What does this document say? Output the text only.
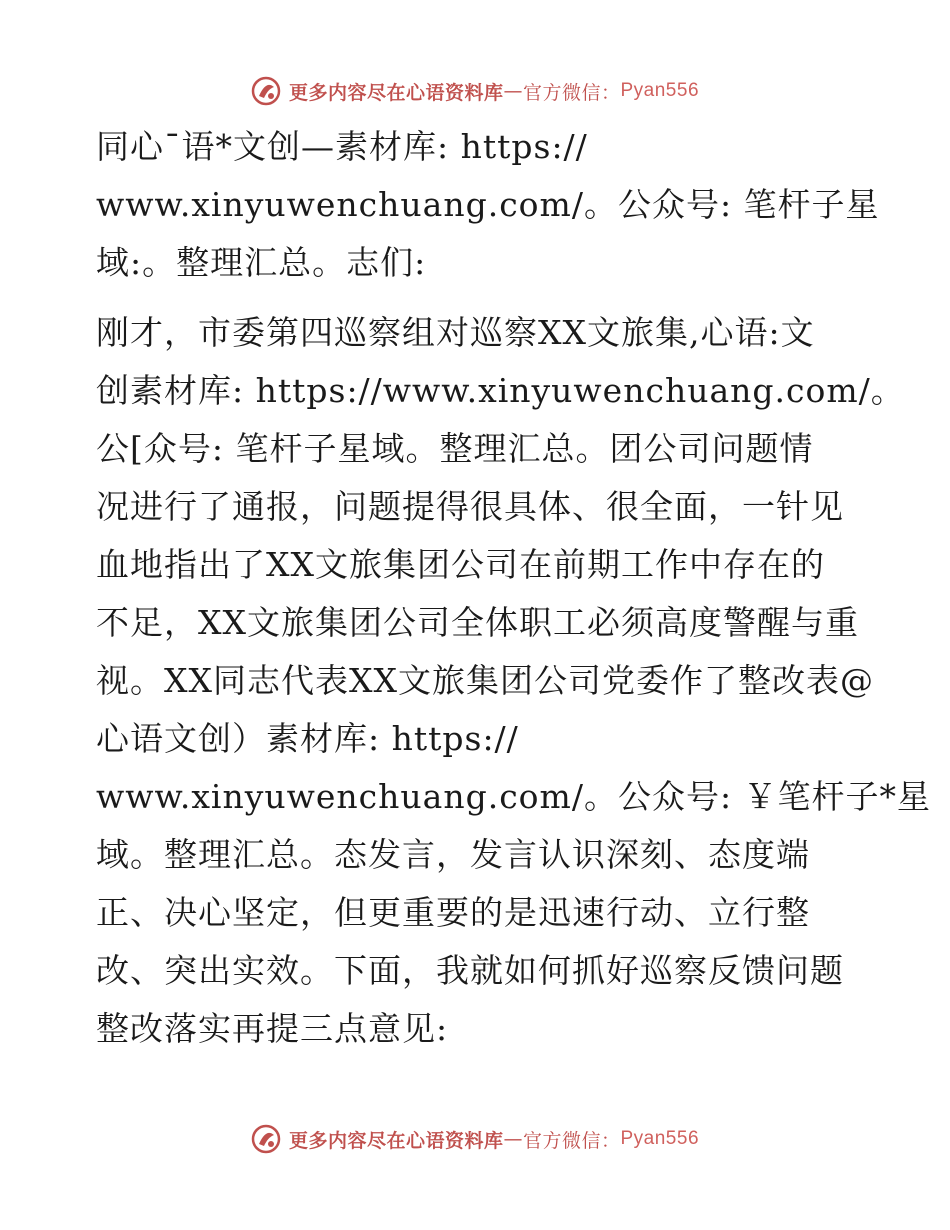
更多内容尽在心语资料库 — 官方微信： Pyan556
同心¯语*文创—素材库: https://
www.xinyuwenchuang.com/。公众号: 笔杆子星
域:。整理汇总。志们:
刚才，市委第四巡察组对巡察XX文旅集,心语:文
创素材库: https://www.xinyuwenchuang.com/。
公[众号: 笔杆子星域。整理汇总。团公司问题情
况进行了通报，问题提得很具体、很全面，一针见
血地指出了XX文旅集团公司在前期工作中存在的
不足，XX文旅集团公司全体职工必须高度警醒与重
视。XX同志代表XX文旅集团公司党委作了整改表@
心语文创）素材库: https://
www.xinyuwenchuang.com/。公众号: ￥笔杆子*星
域。整理汇总。态发言，发言认识深刻、态度端
正、决心坚定，但更重要的是迅速行动、立行整
改、突出实效。下面，我就如何抓好巡察反馈问题
整改落实再提三点意见:
更多内容尽在心语资料库 — 官方微信： Pyan556
